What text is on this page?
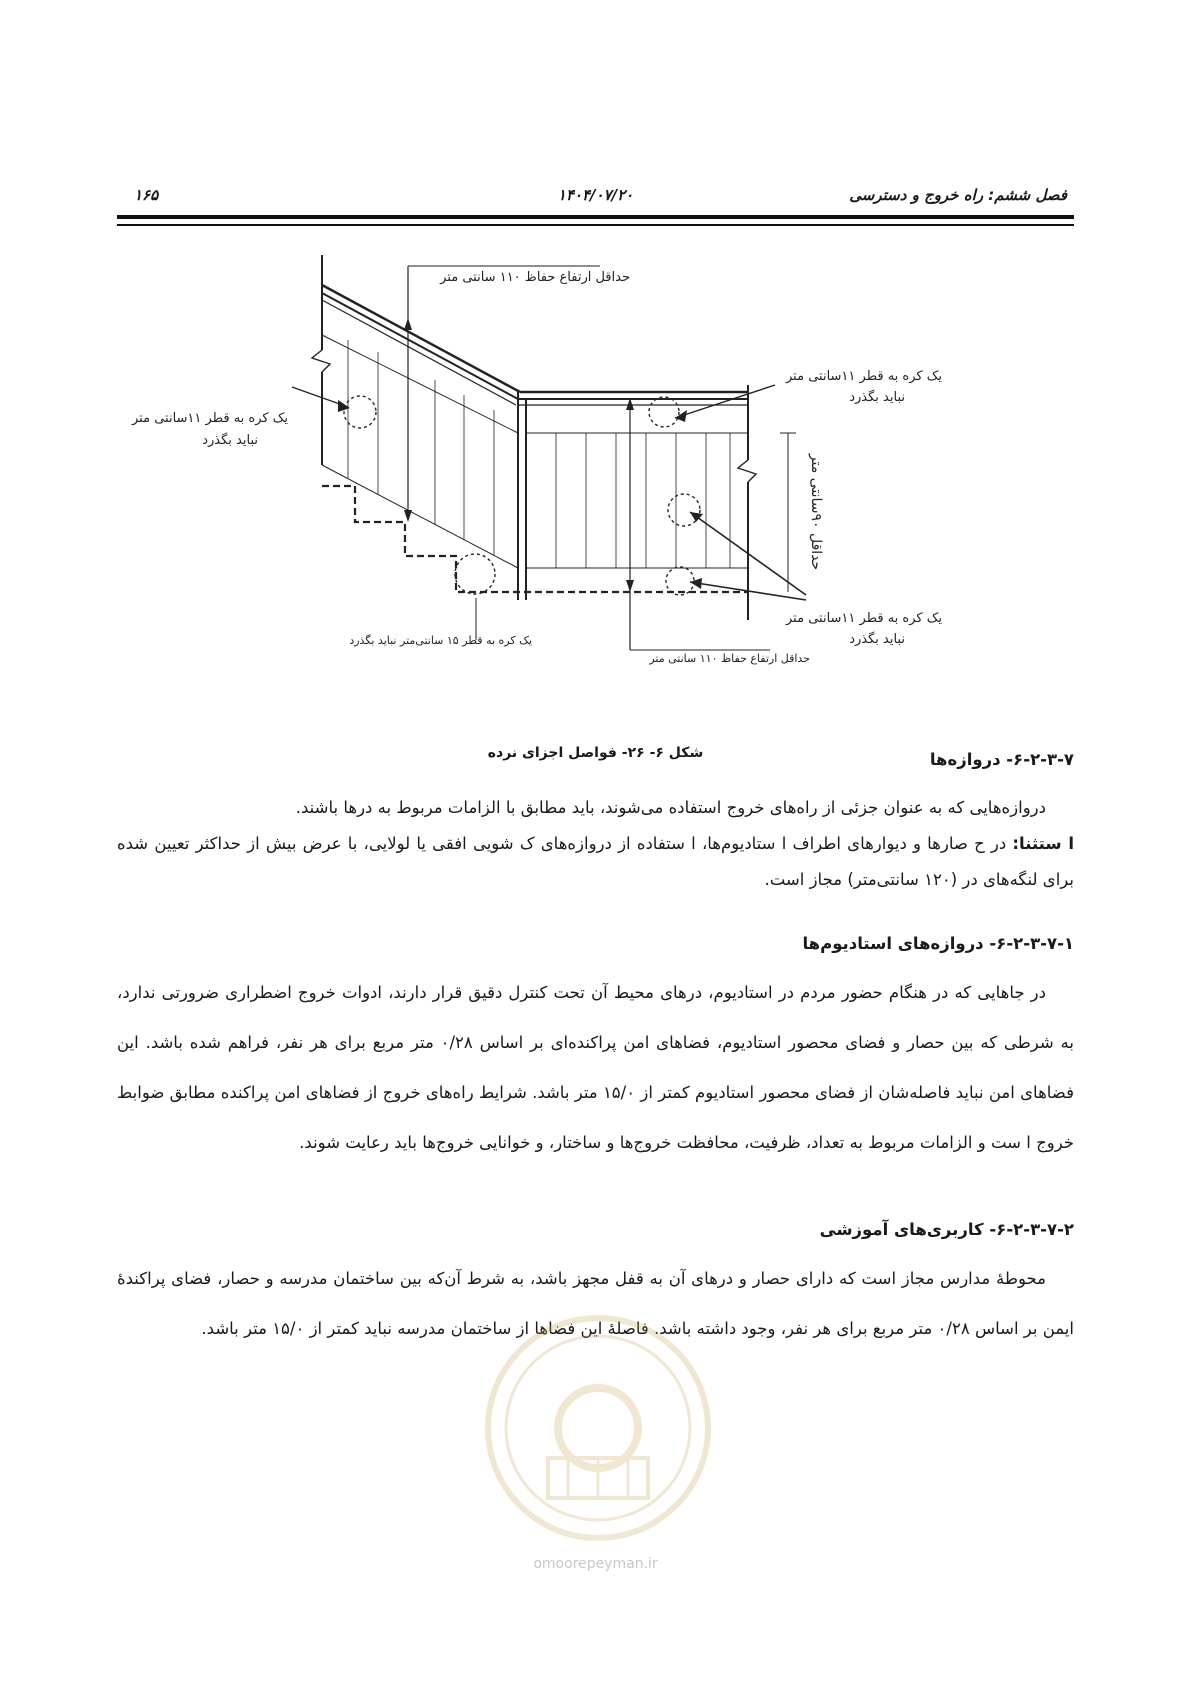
فصل ششم: راه خروج و دسترسی
۱۴۰۴/۰۷/۲۰
۱۶۵
حداقل ارتفاع حفاظ ۱۱۰ سانتی متر
یک کره به قطر ۱۱سانتی متر
نباید بگذرد
یک کره به قطر ۱۱سانتی متر
نباید بگذرد
یک کره به قطر ۱۱سانتی متر
نباید بگذرد
یک کره به قطر ۱۵ سانتی‌متر نباید بگذرد
حداقل ارتفاع حفاظ ۱۱۰ سانتی متر
حداقل ۹۰سانتی متر
شکل ۶- ۲۶- فواصل اجزای نرده	۶-۲-۳-۷- دروازه‌ها
دروازه‌هایی که به عنوان جزئی از راه‌های خروج استفاده می‌شوند، باید مطابق با الزامات مربوط به درها باشند.
ا ستثنا: در ح صارها و دیوارهای اطراف ا ستادیوم‌ها، ا ستفاده از دروازه‌های ک شویی افقی یا لولایی، با عرض بیش از حداکثر تعیین شده برای لنگه‌های در (۱۲۰ سانتی‌متر) مجاز است.
۶-۲-۳-۷-۱- دروازه‌های استادیوم‌ها
در جاهایی که در هنگام حضور مردم در استادیوم، درهای محیط آن تحت کنترل دقیق قرار دارند، ادوات خروج اضطراری ضرورتی ندارد، به شرطی که بین حصار و فضای محصور استادیوم، فضاهای امن پراکنده‌ای بر اساس ۰/۲۸ متر مربع برای هر نفر، فراهم شده باشد. این فضاهای امن نباید فاصله‌شان از فضای محصور استادیوم کمتر از ۱۵/۰ متر باشد. شرایط راه‌های خروج از فضاهای امن پراکنده مطابق ضوابط خروج ا ست و الزامات مربوط به تعداد، ظرفیت، محافظت خروج‌ها و ساختار، و خوانایی خروج‌ها باید رعایت شوند.
۶-۲-۳-۷-۲- کاربری‌های آموزشی
محوطهٔ مدارس مجاز است که دارای حصار و درهای آن به قفل مجهز باشد، به شرط آن‌که بین ساختمان مدرسه و حصار، فضای پراکندهٔ ایمن بر اساس ۰/۲۸ متر مربع برای هر نفر، وجود داشته باشد. فاصلهٔ این فضاها از ساختمان مدرسه نباید کمتر از ۱۵/۰ متر باشد.
omoorepeyman.ir
